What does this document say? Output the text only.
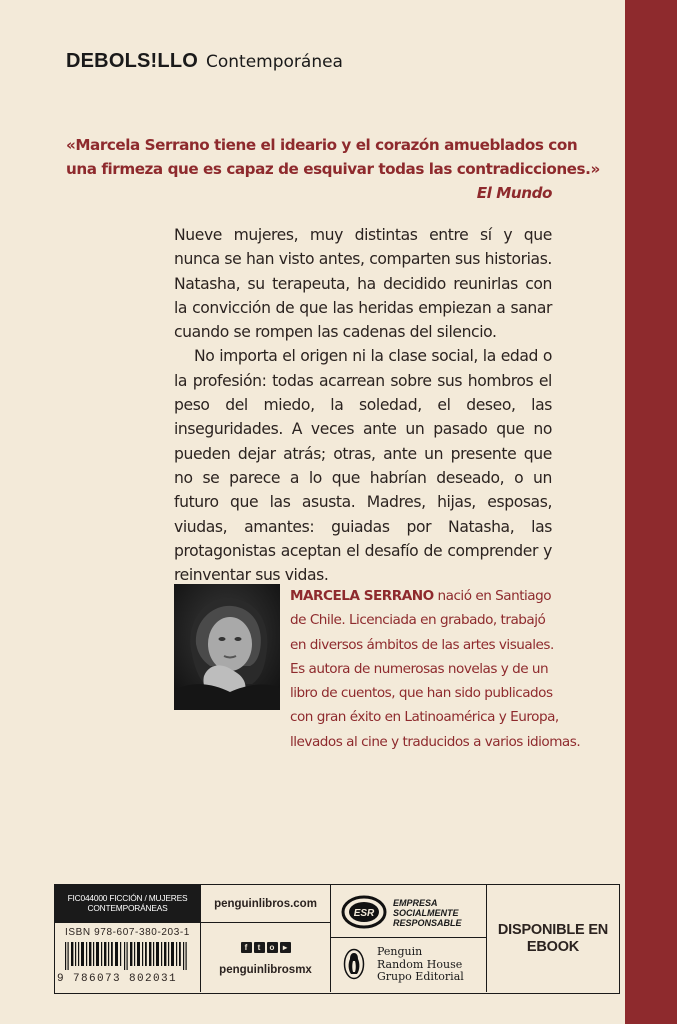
DEBOLS!LLO Contemporánea
«Marcela Serrano tiene el ideario y el corazón amueblados con
una firmeza que es capaz de esquivar todas las contradicciones.»
El Mundo

Nueve mujeres, muy distintas entre sí y que nunca se han visto antes, comparten sus historias. Natasha, su terapeuta, ha decidido reunirlas con la convicción de que las heridas empiezan a sanar cuando se rompen las cadenas del silencio.

No importa el origen ni la clase social, la edad o la profesión: todas acarrean sobre sus hombros el peso del miedo, la soledad, el deseo, las inseguridades. A veces ante un pasado que no pueden dejar atrás; otras, ante un presente que no se parece a lo que habrían deseado, o un futuro que las asusta. Madres, hijas, esposas, viudas, amantes: guiadas por Natasha, las protagonistas aceptan el desafío de comprender y reinventar sus vidas.

MARCELA SERRANO nació en Santiago
de Chile. Licenciada en grabado, trabajó
en diversos ámbitos de las artes visuales.
Es autora de numerosas novelas y de un
libro de cuentos, que han sido publicados
con gran éxito en Latinoamérica y Europa,
llevados al cine y traducidos a varios idiomas.
FIC044000 FICCIÓN / MUJERES
CONTEMPORÁNEAS
ISBN 978-607-380-203-1
9 786073 802031
penguinlibros.com
f t o ▸
penguinlibrosmx
ESR
EMPRESA
SOCIALMENTE
RESPONSABLE
Penguin
Random House
Grupo Editorial
DISPONIBLE EN
EBOOK
